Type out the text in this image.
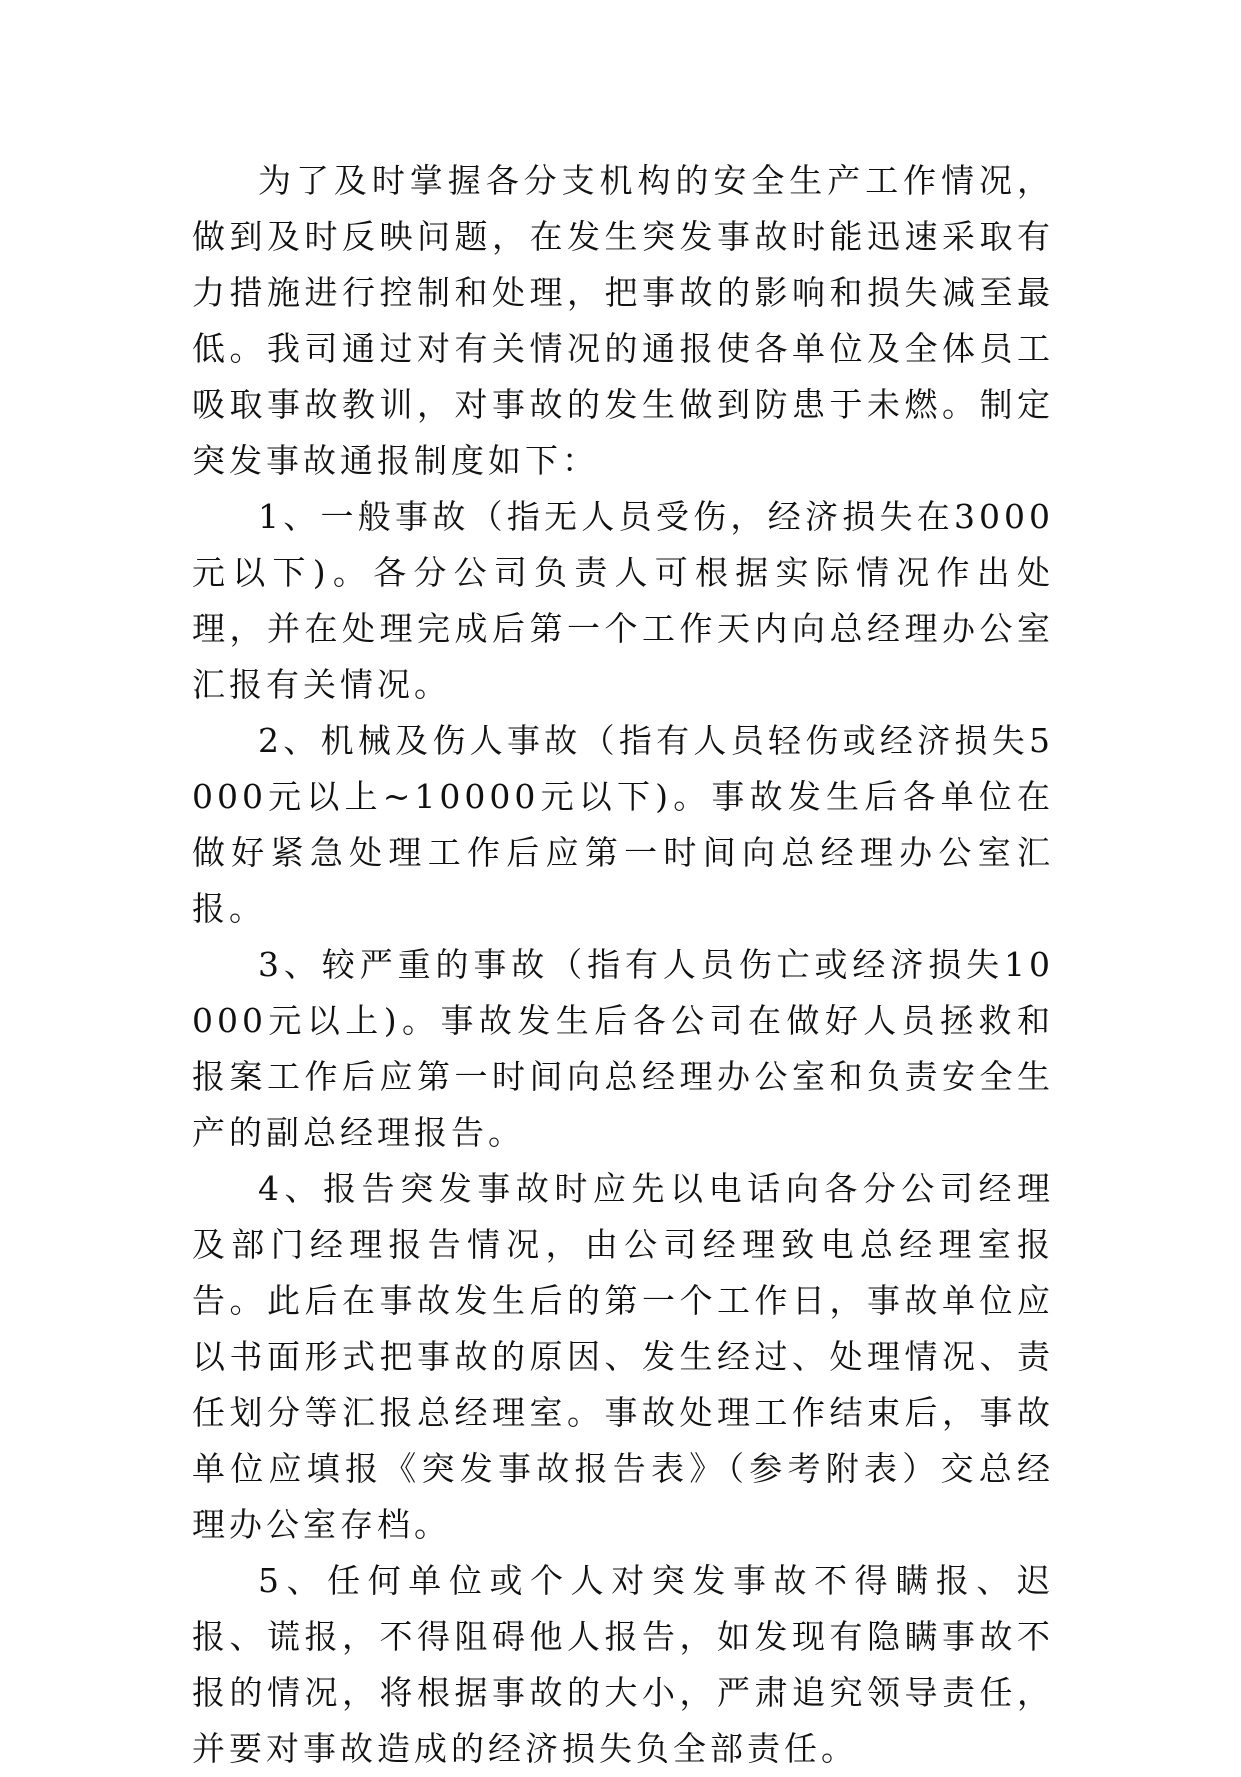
为了及时掌握各分支机构的安全生产工作情况，做到及时反映问题，在发生突发事故时能迅速采取有力措施进行控制和处理，把事故的影响和损失减至最低。我司通过对有关情况的通报使各单位及全体员工吸取事故教训，对事故的发生做到防患于未燃。制定突发事故通报制度如下：

1、一般事故（指无人员受伤，经济损失在3000元以下)。各分公司负责人可根据实际情况作出处理，并在处理完成后第一个工作天内向总经理办公室汇报有关情况。

2、机械及伤人事故（指有人员轻伤或经济损失5000元以上~10000元以下)。事故发生后各单位在做好紧急处理工作后应第一时间向总经理办公室汇报。

3、较严重的事故（指有人员伤亡或经济损失10000元以上)。事故发生后各公司在做好人员拯救和报案工作后应第一时间向总经理办公室和负责安全生产的副总经理报告。

4、报告突发事故时应先以电话向各分公司经理及部门经理报告情况，由公司经理致电总经理室报告。此后在事故发生后的第一个工作日，事故单位应以书面形式把事故的原因、发生经过、处理情况、责任划分等汇报总经理室。事故处理工作结束后，事故单位应填报《突发事故报告表》（参考附表）交总经理办公室存档。

5、任何单位或个人对突发事故不得瞒报、迟报、谎报，不得阻碍他人报告，如发现有隐瞒事故不报的情况，将根据事故的大小，严肃追究领导责任，并要对事故造成的经济损失负全部责任。
